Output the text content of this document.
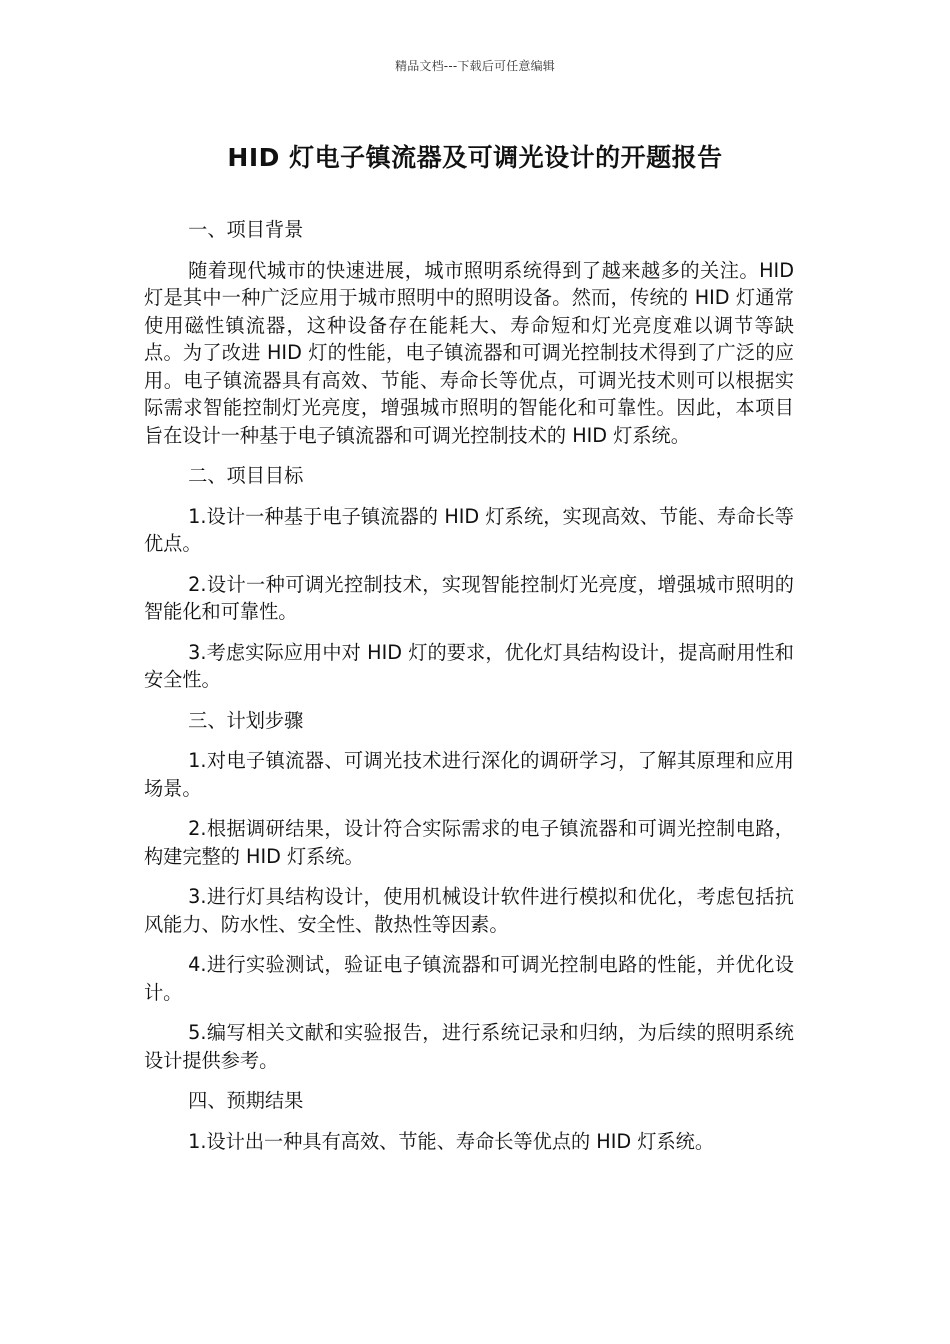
精品文档---下载后可任意编辑
HID 灯电子镇流器及可调光设计的开题报告

一、项目背景

随着现代城市的快速进展，城市照明系统得到了越来越多的关注。HID 灯是其中一种广泛应用于城市照明中的照明设备。然而，传统的 HID 灯通常使用磁性镇流器，这种设备存在能耗大、寿命短和灯光亮度难以调节等缺点。为了改进 HID 灯的性能，电子镇流器和可调光控制技术得到了广泛的应用。电子镇流器具有高效、节能、寿命长等优点，可调光技术则可以根据实际需求智能控制灯光亮度，增强城市照明的智能化和可靠性。因此，本项目旨在设计一种基于电子镇流器和可调光控制技术的 HID 灯系统。

二、项目目标

1.设计一种基于电子镇流器的 HID 灯系统，实现高效、节能、寿命长等优点。

2.设计一种可调光控制技术，实现智能控制灯光亮度，增强城市照明的智能化和可靠性。

3.考虑实际应用中对 HID 灯的要求，优化灯具结构设计，提高耐用性和安全性。

三、计划步骤

1.对电子镇流器、可调光技术进行深化的调研学习，了解其原理和应用场景。

2.根据调研结果，设计符合实际需求的电子镇流器和可调光控制电路，构建完整的 HID 灯系统。

3.进行灯具结构设计，使用机械设计软件进行模拟和优化，考虑包括抗风能力、防水性、安全性、散热性等因素。

4.进行实验测试，验证电子镇流器和可调光控制电路的性能，并优化设计。

5.编写相关文献和实验报告，进行系统记录和归纳，为后续的照明系统设计提供参考。

四、预期结果

1.设计出一种具有高效、节能、寿命长等优点的 HID 灯系统。
